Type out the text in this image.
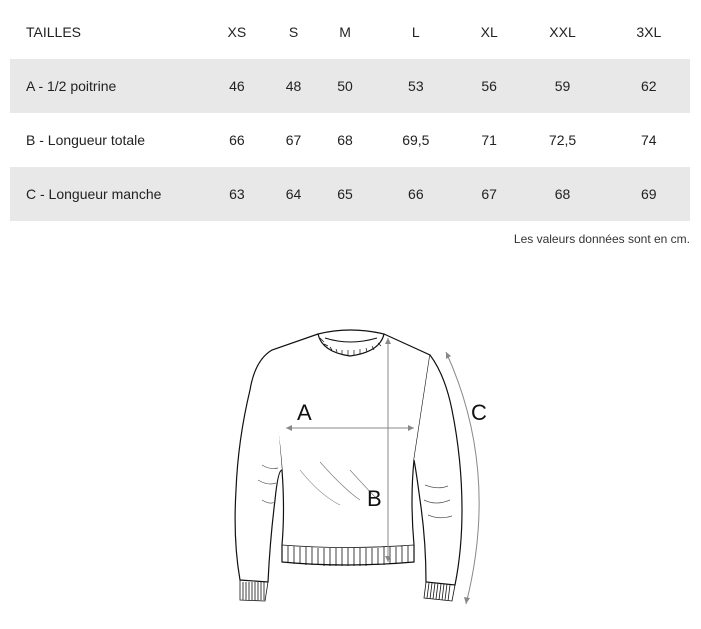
TAILLES	XS	S	M	L	XL	XXL	3XL
A - 1/2 poitrine	46	48	50	53	56	59	62
B - Longueur totale	66	67	68	69,5	71	72,5	74
C - Longueur manche	63	64	65	66	67	68	69
Les valeurs données sont en cm.
A
B
C
